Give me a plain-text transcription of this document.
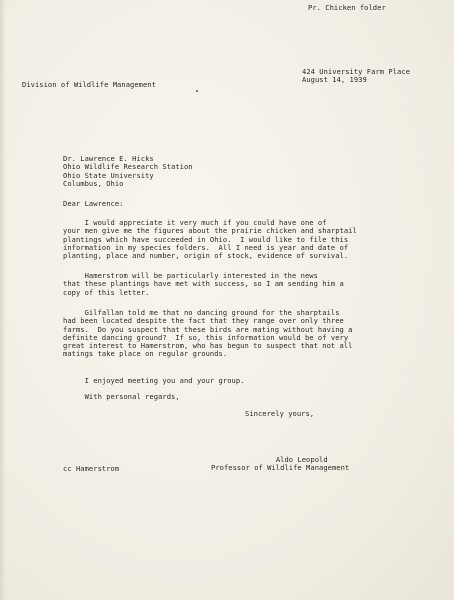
Pr. Chicken folder
424 University Farm Place
August 14, 1939
Division of Wildlife Management
Dr. Lawrence E. Hicks
Ohio Wildlife Research Station
Ohio State University
Columbus, Ohio
Dear Lawrence:
I would appreciate it very much if you could have one of
your men give me the figures about the prairie chicken and sharptail
plantings which have succeeded in Ohio.  I would like to file this
information in my species folders.  All I need is year and date of
planting, place and number, origin of stock, evidence of survival.
Hamerstrom will be particularly interested in the news
that these plantings have met with success, so I am sending him a
copy of this letter.
Gilfallan told me that no dancing ground for the sharptails
had been located despite the fact that they range over only three
farms.  Do you suspect that these birds are mating without having a
definite dancing ground?  If so, this information would be of very
great interest to Hamerstrom, who has begun to suspect that not all
matings take place on regular grounds.
I enjoyed meeting you and your group.
With personal regards,
Sincerely yours,
Aldo Leopold
Professor of Wildlife Management
cc Hamerstrom
